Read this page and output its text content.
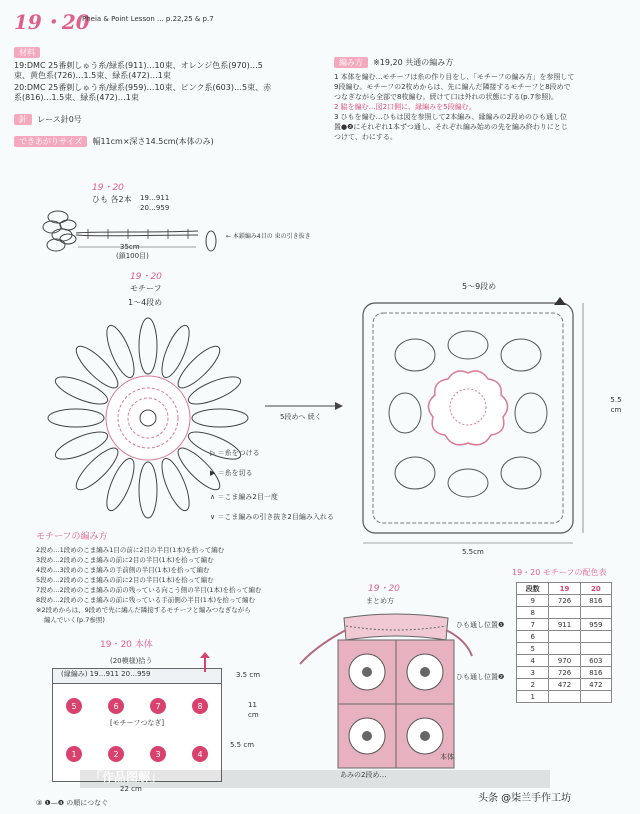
19・20
Pheia & Point Lesson ... p.22,25 & p.7
材料
19:DMC 25番刺しゅう糸/緑系(911)…10束、オレンジ色系(970)…5
束、黄色系(726)…1.5束、緑系(472)…1束
20:DMC 25番刺しゅう糸/緑系(959)…10束、ピンク系(603)…5束、赤
系(816)…1.5束、緑系(472)…1束
針 レース針0号
できあがりサイズ 幅11cm×深さ14.5cm(本体のみ)
編み方 ※19,20 共通の編み方
1 本体を編む…モチーフは糸の作り目をし、「モチーフの編み方」を参照して
9段編む。モチーフの2枚めからは、先に編んだ隣接するモチーフと8段めで
つなぎながら全部で8枚編む。続けて口は外れの状態にする(p.7参照)。
2 脇を編む…図2口側に、縁編みを5段編む。
3 ひもを編む…ひもは図を参照して2本編み、縁編みの2段めのひも通し位
置●❷にそれぞれ1本ずつ通し、それぞれ編み始めの先を編み終わりにとじ
つけて、わにする。
19・20
ひも 各2本 19…911
20…959
35cm
(鎖100目)
← 本鎖編み4目の 束の引き抜き
19・20
モチーフ
1〜4段め
5段めへ 続く
▷ ＝糸をつける
▶ ＝糸を切る
∧ ＝こま編み2目一度
∨ ＝こま編みの引き抜き2目編み入れる
5〜9段め
5.5 cm
5.5cm
モチーフの編み方
2段め…1段めのこま編み1目の前に2目の半目(1本)を拾って編む
3段め…2段めのこま編みの前に2目の半目(1本)を拾って編む
4段め…3段めのこま編みの手前側の半目(1本)を拾って編む
5段め…2段めのこま編みの前に2目の半目(1本)を拾って編む
7段め…2段めのこま編みの前の残っている向こう側の半目(1本)を拾って編む
8段め…2段めのこま編みの前に残っている手前側の半目(1本)を拾って編む
※2段めからは、9段めで先に編んだ隣接するモチーフと編みつなぎながら
編んでいく(p.7参照)
19・20 本体
(20模様)拾う
(縁編み) 19…911 20…959
5	6	7	8
[モチーフつなぎ]
1	2	3	4
3.5 cm
11 cm
5.5 cm
22 cm
③ ❶—❹ の順につなぐ
19・20
まとめ方
ひも通し位置❶
ひも通し位置❷
本体
あみの2段め…
19・20 モチーフの配色表
段数	19	20
9	726	816
8		
7	911	959
6		
5		
4	970	603
3	726	816
2	472	472
1		
「作品图解」
头条 @柒兰手作工坊
